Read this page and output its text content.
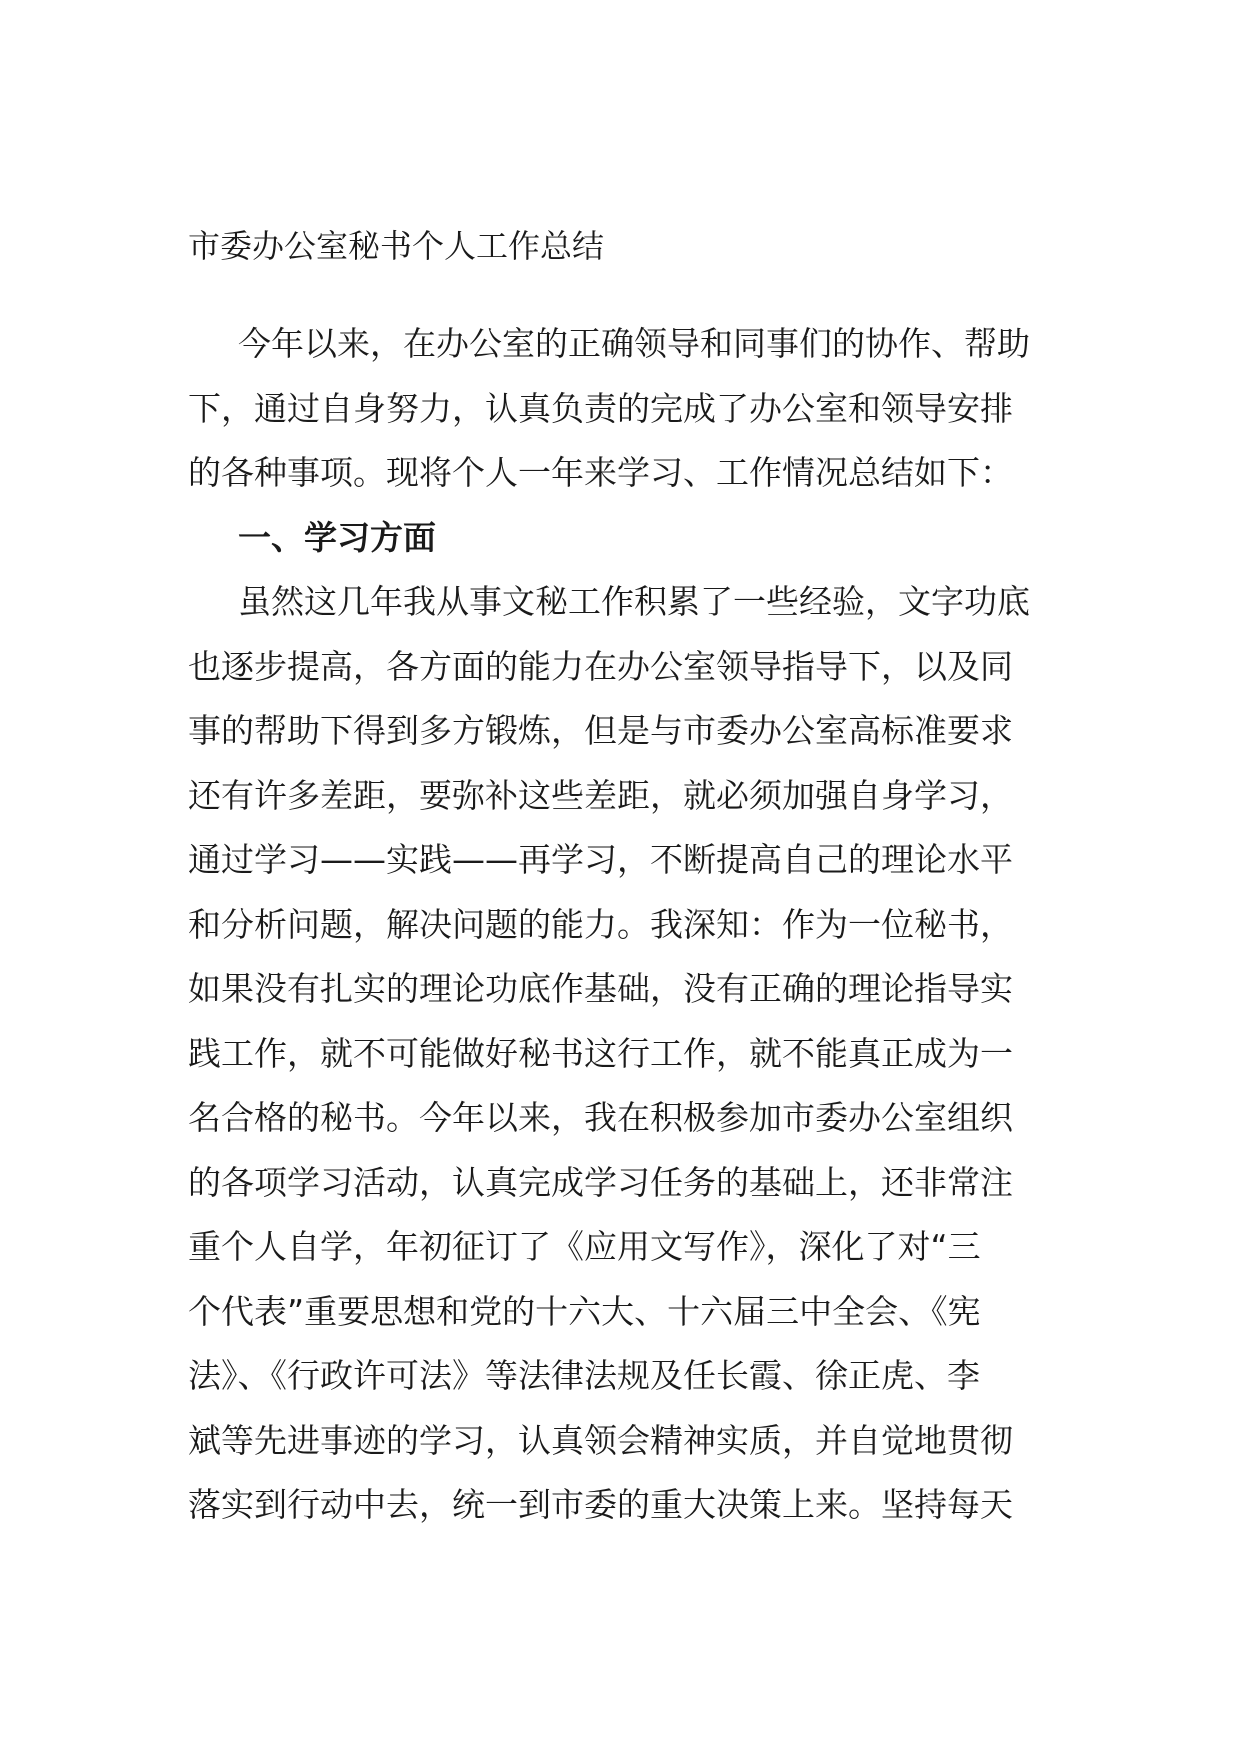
市委办公室秘书个人工作总结
今年以来，在办公室的正确领导和同事们的协作、帮助
下，通过自身努力，认真负责的完成了办公室和领导安排
的各种事项。现将个人一年来学习、工作情况总结如下：
一、学习方面
虽然这几年我从事文秘工作积累了一些经验，文字功底
也逐步提高，各方面的能力在办公室领导指导下，以及同
事的帮助下得到多方锻炼，但是与市委办公室高标准要求
还有许多差距，要弥补这些差距，就必须加强自身学习，
通过学习——实践——再学习，不断提高自己的理论水平
和分析问题，解决问题的能力。我深知：作为一位秘书，
如果没有扎实的理论功底作基础，没有正确的理论指导实
践工作，就不可能做好秘书这行工作，就不能真正成为一
名合格的秘书。今年以来，我在积极参加市委办公室组织
的各项学习活动，认真完成学习任务的基础上，还非常注
重个人自学，年初征订了《应用文写作》，深化了对“三
个代表”重要思想和党的十六大、十六届三中全会、《宪
法》、《行政许可法》等法律法规及任长霞、徐正虎、李
斌等先进事迹的学习，认真领会精神实质，并自觉地贯彻
落实到行动中去，统一到市委的重大决策上来。坚持每天
